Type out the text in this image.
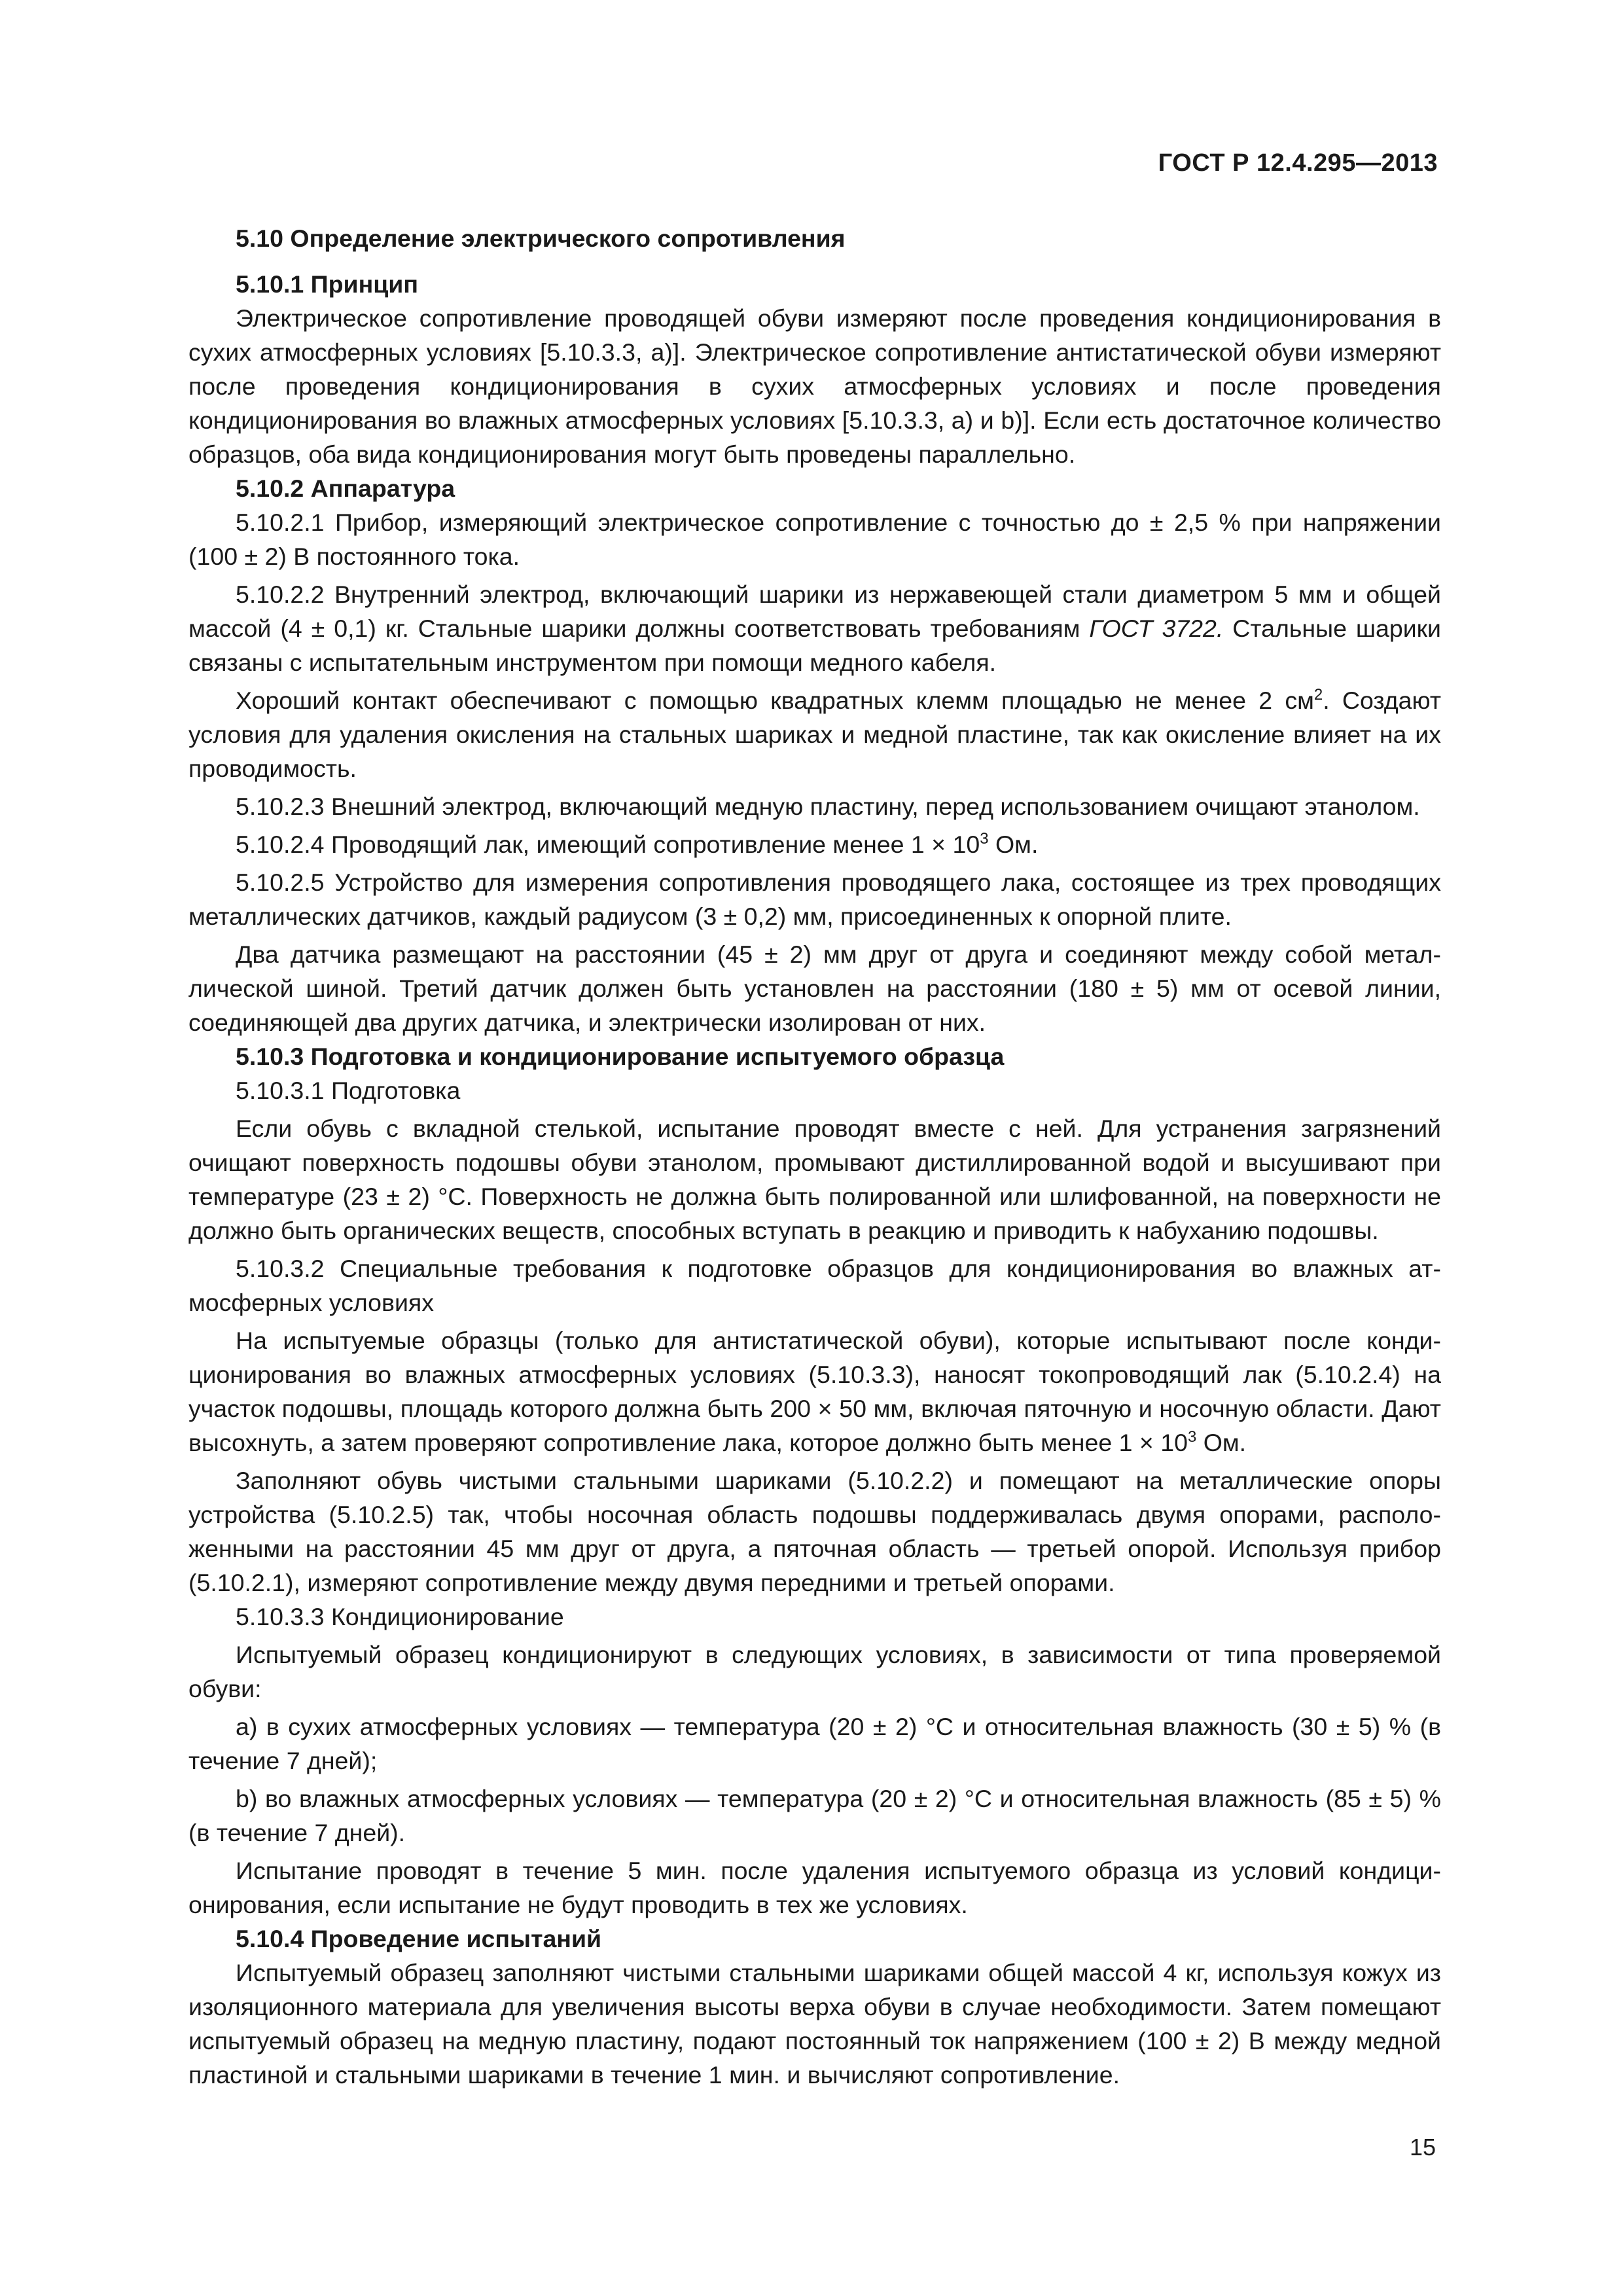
ГОСТ Р 12.4.295—2013

5.10 Определение электрического сопротивления

5.10.1 Принцип

Электрическое сопротивление проводящей обуви измеряют после проведения кондиционирования в сухих атмосферных условиях [5.10.3.3, а)]. Электрическое сопротивление антистатической обуви измеряют после проведения кондиционирования в сухих атмосферных условиях и после проведения кондиционирования во влажных атмосферных условиях [5.10.3.3, а) и b)]. Если есть достаточное количество образцов, оба вида кондиционирования могут быть проведены параллельно.

5.10.2 Аппаратура

5.10.2.1 Прибор, измеряющий электрическое сопротивление с точностью до ± 2,5 % при напряжении (100 ± 2) В постоянного тока.

5.10.2.2 Внутренний электрод, включающий шарики из нержавеющей стали диаметром 5 мм и общей массой (4 ± 0,1) кг. Стальные шарики должны соответствовать требованиям ГОСТ 3722. Стальные шарики связаны с испытательным инструментом при помощи медного кабеля.

Хороший контакт обеспечивают с помощью квадратных клемм площадью не менее 2 $см^2$. Создают условия для удаления окисления на стальных шариках и медной пластине, так как окисление влияет на их проводимость.

5.10.2.3 Внешний электрод, включающий медную пластину, перед использованием очищают этанолом.

5.10.2.4 Проводящий лак, имеющий сопротивление менее $1 \times 10^3$ Ом.

5.10.2.5 Устройство для измерения сопротивления проводящего лака, состоящее из трех проводящих металлических датчиков, каждый радиусом (3 ± 0,2) мм, присоединенных к опорной плите.

Два датчика размещают на расстоянии (45 ± 2) мм друг от друга и соединяют между собой металлической шиной. Третий датчик должен быть установлен на расстоянии (180 ± 5) мм от осевой линии, соединяющей два других датчика, и электрически изолирован от них.

5.10.3 Подготовка и кондиционирование испытуемого образца

5.10.3.1 Подготовка

Если обувь с вкладной стелькой, испытание проводят вместе с ней. Для устранения загрязнений очищают поверхность подошвы обуви этанолом, промывают дистиллированной водой и высушивают при температуре (23 ± 2) °С. Поверхность не должна быть полированной или шлифованной, на поверхности не должно быть органических веществ, способных вступать в реакцию и приводить к набуханию подошвы.

5.10.3.2 Специальные требования к подготовке образцов для кондиционирования во влажных атмосферных условиях

На испытуемые образцы (только для антистатической обуви), которые испытывают после кондиционирования во влажных атмосферных условиях (5.10.3.3), наносят токопроводящий лак (5.10.2.4) на участок подошвы, площадь которого должна быть 200 × 50 мм, включая пяточную и носочную области. Дают высохнуть, а затем проверяют сопротивление лака, которое должно быть менее $1 \times 10^3$ Ом.

Заполняют обувь чистыми стальными шариками (5.10.2.2) и помещают на металлические опоры устройства (5.10.2.5) так, чтобы носочная область подошвы поддерживалась двумя опорами, расположенными на расстоянии 45 мм друг от друга, а пяточная область — третьей опорой. Используя прибор (5.10.2.1), измеряют сопротивление между двумя передними и третьей опорами.

5.10.3.3 Кондиционирование

Испытуемый образец кондиционируют в следующих условиях, в зависимости от типа проверяемой обуви:

а) в сухих атмосферных условиях — температура (20 ± 2) °С и относительная влажность (30 ± 5) % (в течение 7 дней);

b) во влажных атмосферных условиях — температура (20 ± 2) °С и относительная влажность (85 ± 5) % (в течение 7 дней).

Испытание проводят в течение 5 мин. после удаления испытуемого образца из условий кондиционирования, если испытание не будут проводить в тех же условиях.

5.10.4 Проведение испытаний

Испытуемый образец заполняют чистыми стальными шариками общей массой 4 кг, используя кожух из изоляционного материала для увеличения высоты верха обуви в случае необходимости. Затем помещают испытуемый образец на медную пластину, подают постоянный ток напряжением (100 ± 2) В между медной пластиной и стальными шариками в течение 1 мин. и вычисляют сопротивление.

15
